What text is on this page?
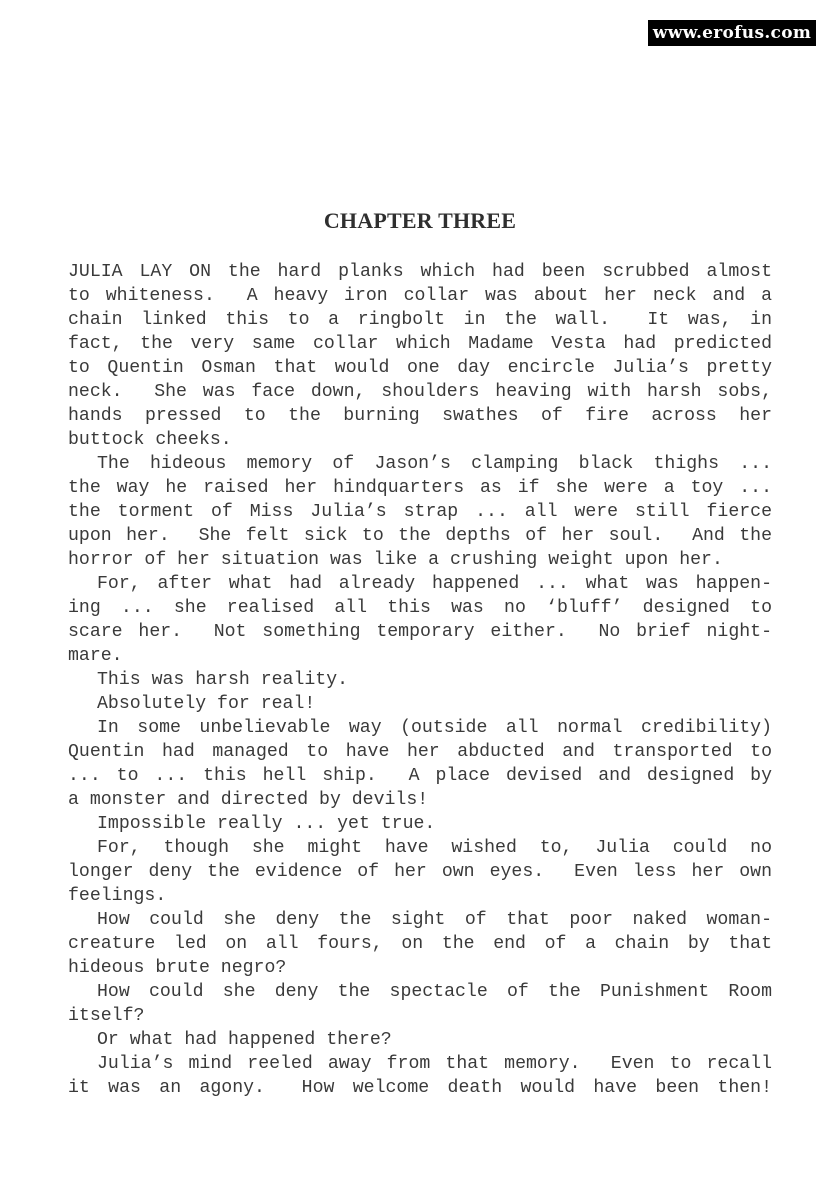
www.erofus.com
CHAPTER THREE
JULIA LAY ON the hard planks which had been scrubbed almost
to whiteness.  A heavy iron collar was about her neck and a
chain linked this to a ringbolt in the wall.  It was, in
fact, the very same collar which Madame Vesta had predicted
to Quentin Osman that would one day encircle Julia’s pretty
neck.  She was face down, shoulders heaving with harsh sobs,
hands pressed to the burning swathes of fire across her
buttock cheeks.
The hideous memory of Jason’s clamping black thighs ...
the way he raised her hindquarters as if she were a toy ...
the torment of Miss Julia’s strap ... all were still fierce
upon her.  She felt sick to the depths of her soul.  And the
horror of her situation was like a crushing weight upon her.
For, after what had already happened ... what was happen-
ing ... she realised all this was no ‘bluff’ designed to
scare her.  Not something temporary either.  No brief night-
mare.
This was harsh reality.
Absolutely for real!
In some unbelievable way (outside all normal credibility)
Quentin had managed to have her abducted and transported to
... to ... this hell ship.  A place devised and designed by
a monster and directed by devils!
Impossible really ... yet true.
For, though she might have wished to, Julia could no
longer deny the evidence of her own eyes.  Even less her own
feelings.
How could she deny the sight of that poor naked woman-
creature led on all fours, on the end of a chain by that
hideous brute negro?
How could she deny the spectacle of the Punishment Room
itself?
Or what had happened there?
Julia’s mind reeled away from that memory.  Even to recall
it was an agony.  How welcome death would have been then!
